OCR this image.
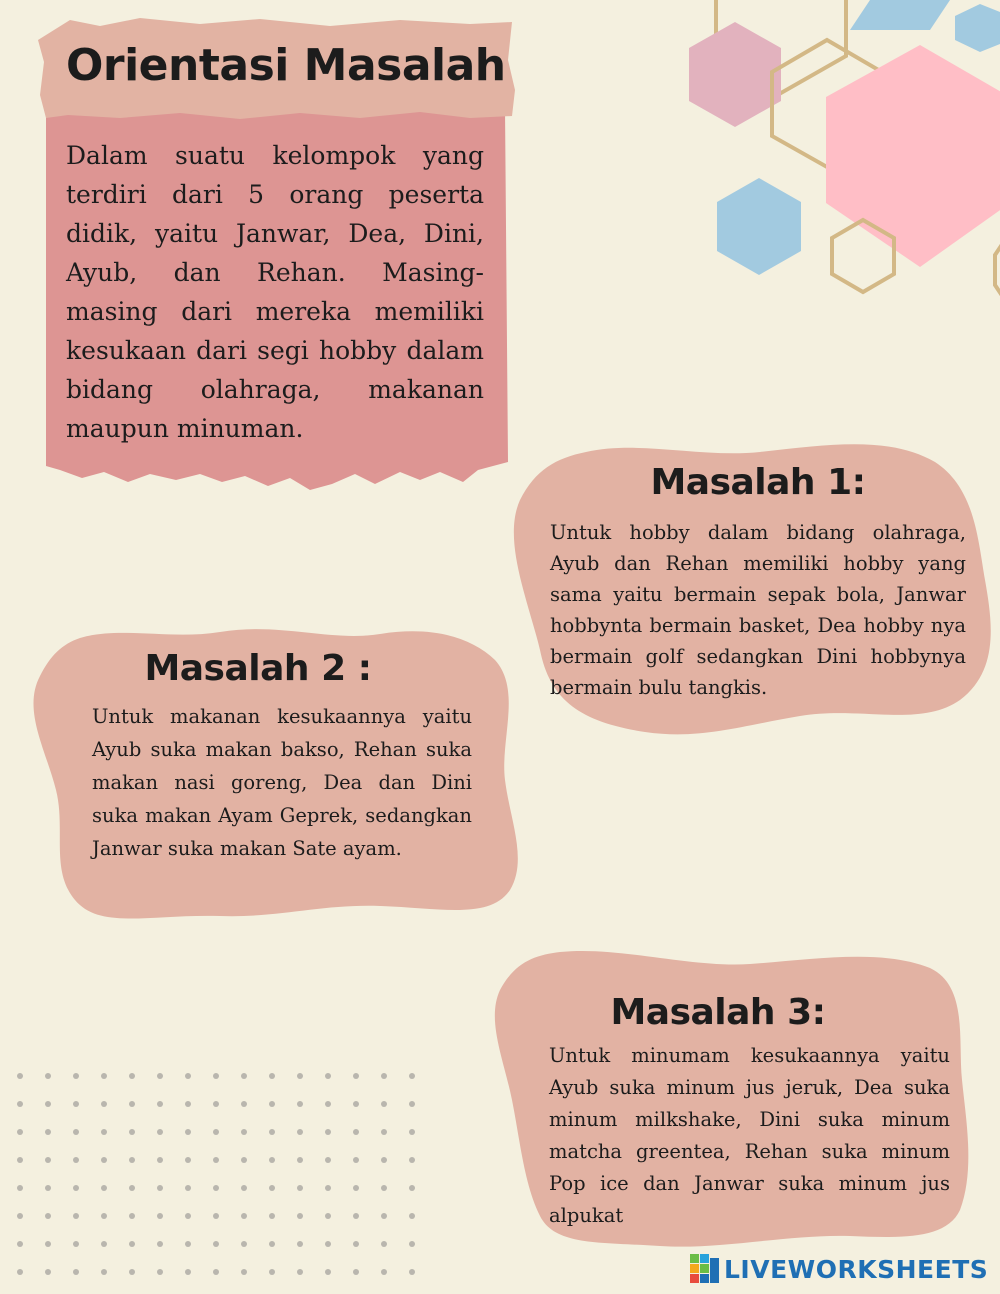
Orientasi Masalah

Dalam suatu kelompok yang terdiri dari 5 orang peserta didik, yaitu Janwar, Dea, Dini, Ayub, dan Rehan. Masing-masing dari mereka memiliki kesukaan dari segi hobby dalam bidang olahraga, makanan maupun minuman.

Masalah 1:

Untuk hobby dalam bidang olahraga, Ayub dan Rehan memiliki hobby yang sama yaitu bermain sepak bola, Janwar hobbynta bermain basket, Dea hobby nya bermain golf sedangkan Dini hobbynya bermain bulu tangkis.

Masalah 2 :

Untuk makanan kesukaannya yaitu Ayub suka makan bakso, Rehan suka makan nasi goreng, Dea dan Dini suka makan Ayam Geprek, sedangkan Janwar suka makan Sate ayam.

Masalah 3:

Untuk minumam kesukaannya yaitu Ayub suka minum jus jeruk, Dea suka minum milkshake, Dini suka minum matcha greentea, Rehan suka minum Pop ice dan Janwar suka minum jus alpukat

LIVEWORKSHEETS
